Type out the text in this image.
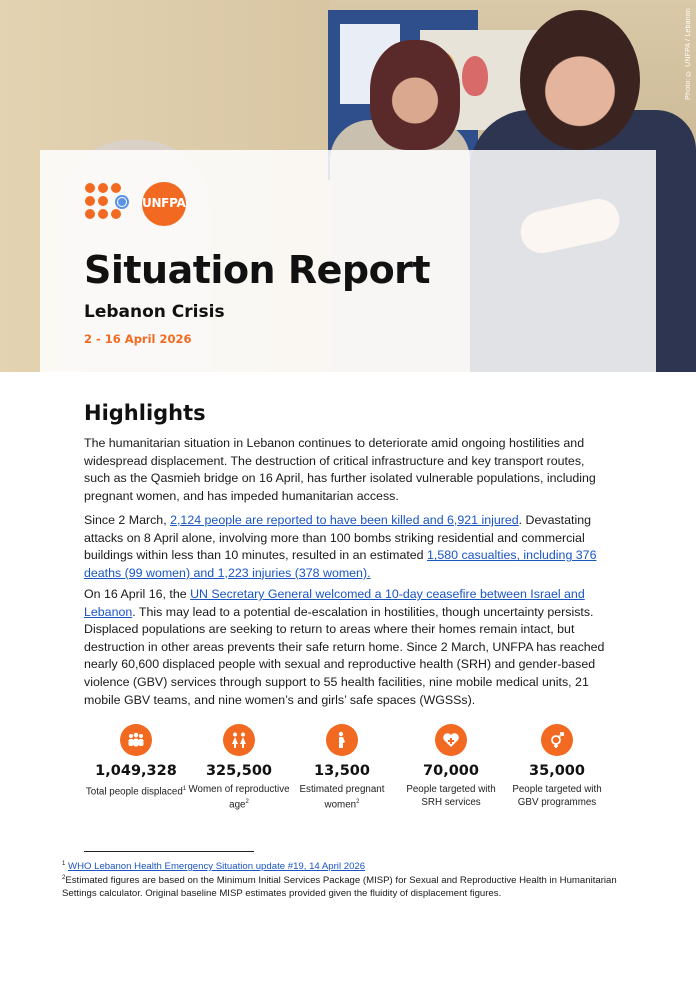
Photo: © UNFPA / Lebanon
UNFPA
Situation Report
Lebanon Crisis
2 - 16 April 2026
Highlights

The humanitarian situation in Lebanon continues to deteriorate amid ongoing hostilities and widespread displacement. The destruction of critical infrastructure and key transport routes, such as the Qasmieh bridge on 16 April, has further isolated vulnerable populations, including pregnant women, and has impeded humanitarian access.

Since 2 March, 2,124 people are reported to have been killed and 6,921 injured. Devastating attacks on 8 April alone, involving more than 100 bombs striking residential and commercial buildings within less than 10 minutes, resulted in an estimated 1,580 casualties, including 376 deaths (99 women) and 1,223 injuries (378 women).

On 16 April 16, the UN Secretary General welcomed a 10-day ceasefire between Israel and Lebanon. This may lead to a potential de-escalation in hostilities, though uncertainty persists. Displaced populations are seeking to return to areas where their homes remain intact, but destruction in other areas prevents their safe return home. Since 2 March, UNFPA has reached nearly 60,600 displaced people with sexual and reproductive health (SRH) and gender-based violence (GBV) services through support to 55 health facilities, nine mobile medical units, 21 mobile GBV teams, and nine women’s and girls’ safe spaces (WGSSs).

1,049,328
Total people displaced$^1$
325,500
Women of reproductive age$^2$
13,500
Estimated pregnant women$^2$
70,000
People targeted with SRH services
35,000
People targeted with GBV programmes
$^1$ WHO Lebanon Health Emergency Situation update #19, 14 April 2026
$^2$Estimated figures are based on the Minimum Initial Services Package (MISP) for Sexual and Reproductive Health in Humanitarian Settings calculator. Original baseline MISP estimates provided given the fluidity of displacement figures.
